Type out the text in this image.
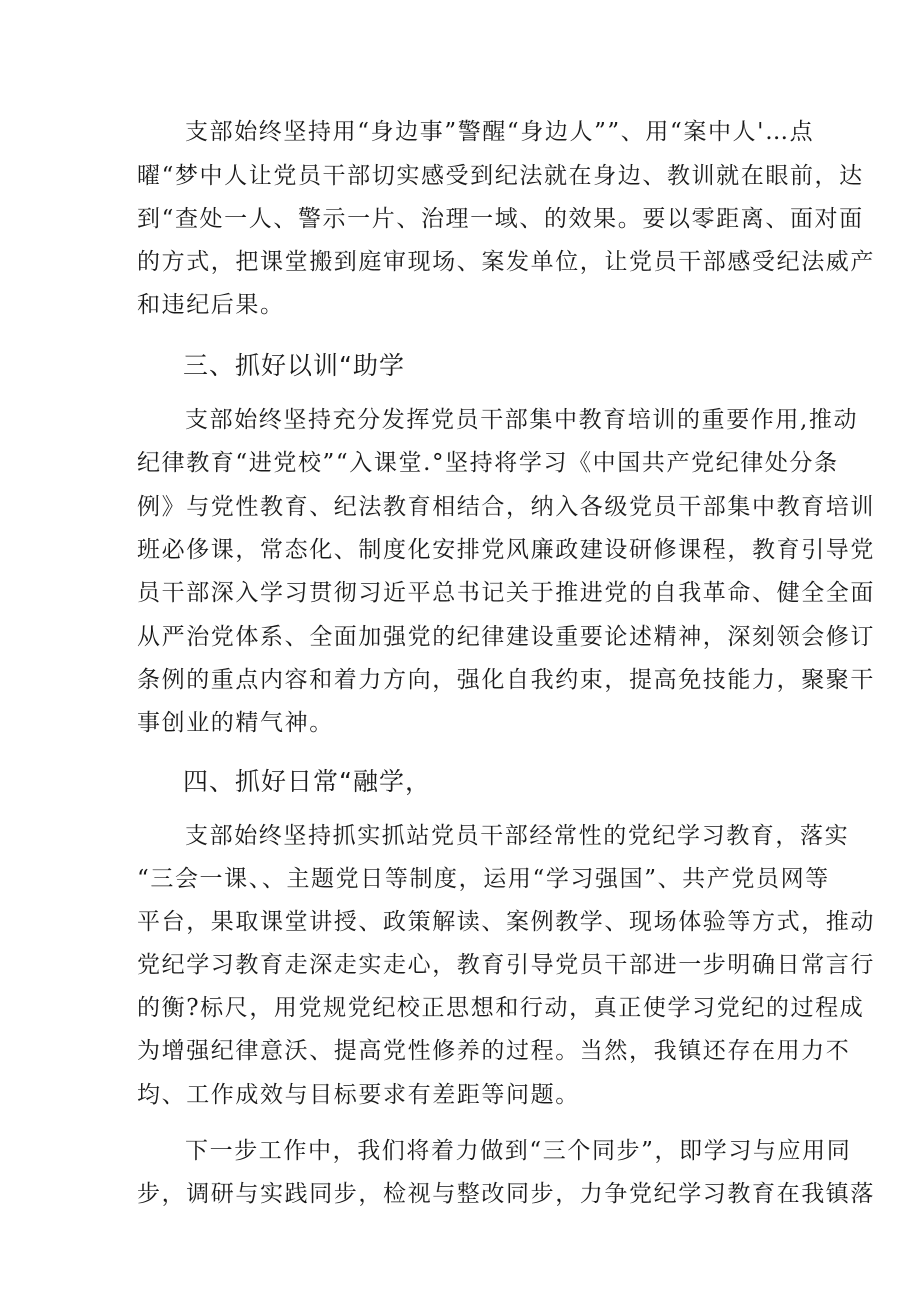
支部始终坚持用“身边事”警醒“身边人””、用“案中人'…点
曜“梦中人让党员干部切实感受到纪法就在身边、教训就在眼前，达
到“查处一人、警示一片、治理一域、的效果。要以零距离、面对面
的方式，把课堂搬到庭审现场、案发单位，让党员干部感受纪法威产
和违纪后果。
三、抓好以训“助学
支部始终坚持充分发挥党员干部集中教育培训的重要作用,推动
纪律教育“进党校”“入课堂.°坚持将学习《中国共产党纪律处分条
例》与党性教育、纪法教育相结合，纳入各级党员干部集中教育培训
班必侈课，常态化、制度化安排党风廉政建设研修课程，教育引导党
员干部深入学习贯彻习近平总书记关于推进党的自我革命、健全全面
从严治党体系、全面加强党的纪律建设重要论述精神，深刻领会修订
条例的重点内容和着力方向，强化自我约束，提高免技能力，聚聚干
事创业的精气神。
四、抓好日常“融学，
支部始终坚持抓实抓站党员干部经常性的党纪学习教育，落实
“三会一课、、主题党日等制度，运用“学习强国”、共产党员网等
平台，果取课堂讲授、政策解读、案例教学、现场体验等方式，推动
党纪学习教育走深走实走心，教育引导党员干部进一步明确日常言行
的衡?标尺，用党规党纪校正思想和行动，真正使学习党纪的过程成
为增强纪律意沃、提高党性修养的过程。当然，我镇还存在用力不
均、工作成效与目标要求有差距等问题。
下一步工作中，我们将着力做到“三个同步”，即学习与应用同
步，调研与实践同步，检视与整改同步，力争党纪学习教育在我镇落
